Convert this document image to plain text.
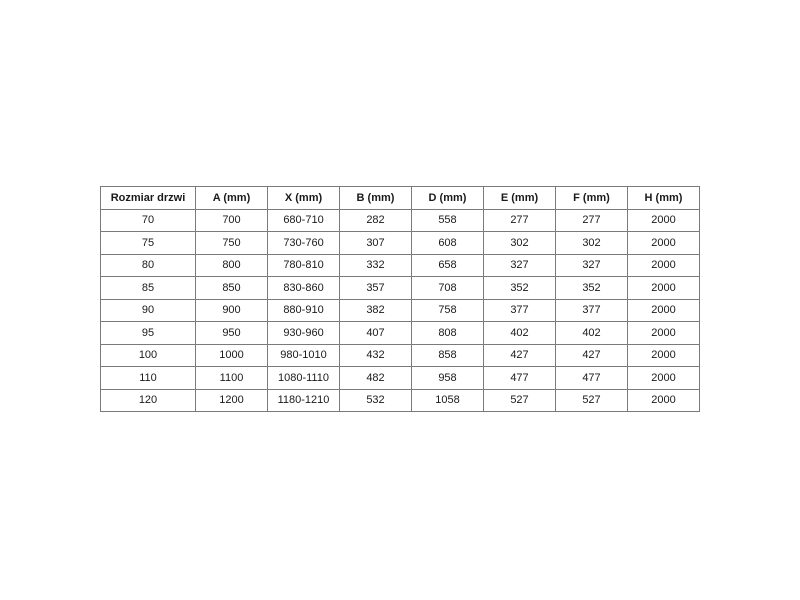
Rozmiar drzwi	A (mm)	X (mm)	B (mm)	D (mm)	E (mm)	F (mm)	H (mm)
70	700	680-710	282	558	277	277	2000
75	750	730-760	307	608	302	302	2000
80	800	780-810	332	658	327	327	2000
85	850	830-860	357	708	352	352	2000
90	900	880-910	382	758	377	377	2000
95	950	930-960	407	808	402	402	2000
100	1000	980-1010	432	858	427	427	2000
110	1100	1080-1110	482	958	477	477	2000
120	1200	1180-1210	532	1058	527	527	2000
